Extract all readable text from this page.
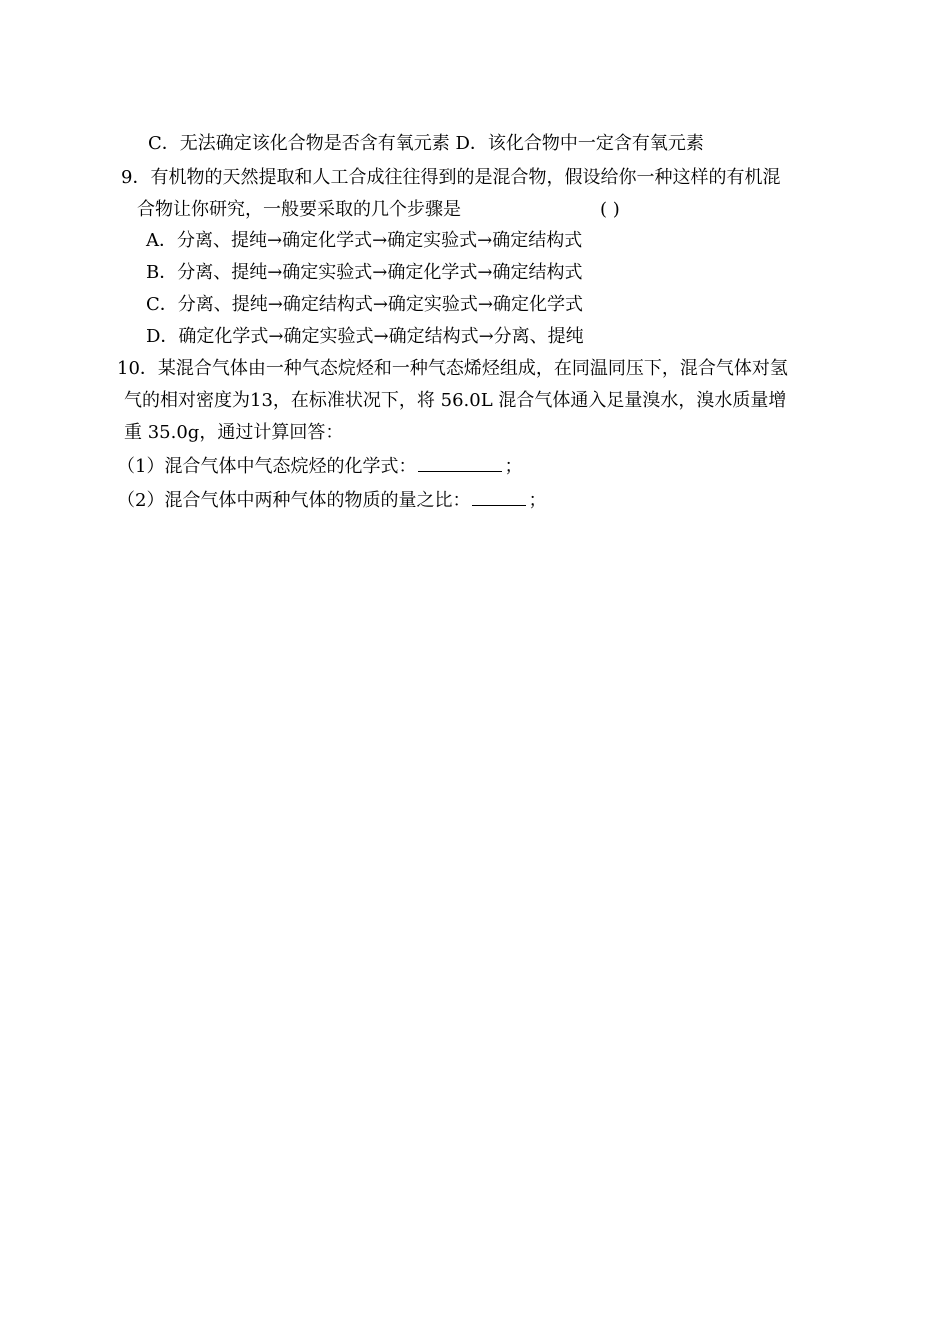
C．无法确定该化合物是否含有氧元素 D．该化合物中一定含有氧元素
9．有机物的天然提取和人工合成往往得到的是混合物，假设给你一种这样的有机混
合物让你研究，一般要采取的几个步骤是	( )
A．分离、提纯→确定化学式→确定实验式→确定结构式
B．分离、提纯→确定实验式→确定化学式→确定结构式
C．分离、提纯→确定结构式→确定实验式→确定化学式
D．确定化学式→确定实验式→确定结构式→分离、提纯
10．某混合气体由一种气态烷烃和一种气态烯烃组成，在同温同压下，混合气体对氢
气的相对密度为13，在标准状况下，将 56.0L 混合气体通入足量溴水，溴水质量增
重 35.0g，通过计算回答：
（1）混合气体中气态烷烃的化学式：	；
（2）混合气体中两种气体的物质的量之比：	；
